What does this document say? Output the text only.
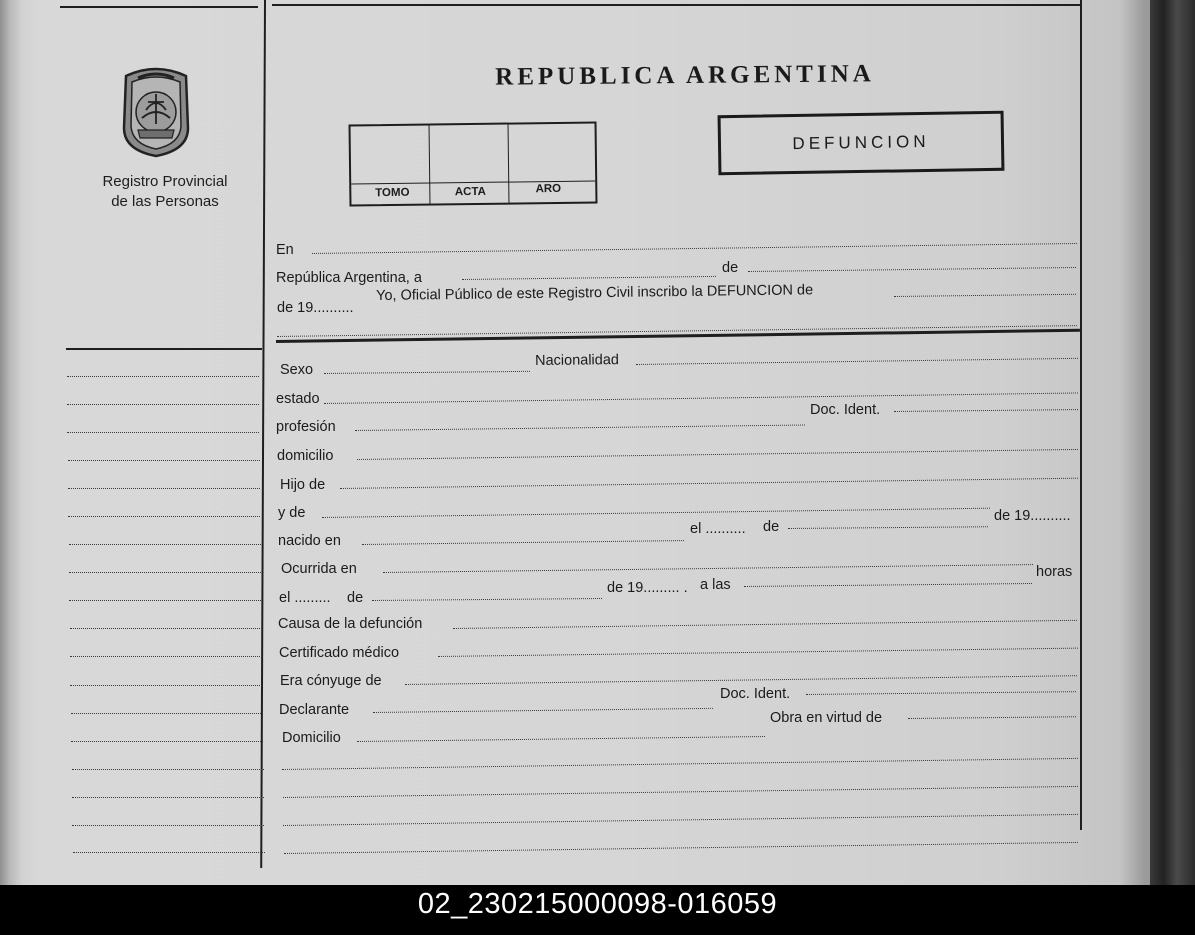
Registro Provincial
de las Personas
REPUBLICA ARGENTINA
TOMO	ACTA	ARO
DEFUNCION
En
República Argentina, a
de
de 19..........
Yo, Oficial Público de este Registro Civil inscribo la DEFUNCION de
Sexo
Nacionalidad
estado
profesión
Doc. Ident.
domicilio
Hijo de
y de	de 19..........
nacido en
el .......... de
Ocurrida en	horas
el ......... de
de 19......... . a las
Causa de la defunción
Certificado médico
Era cónyuge de
Declarante
Doc. Ident.
Domicilio
Obra en virtud de
02_230215000098-016059
